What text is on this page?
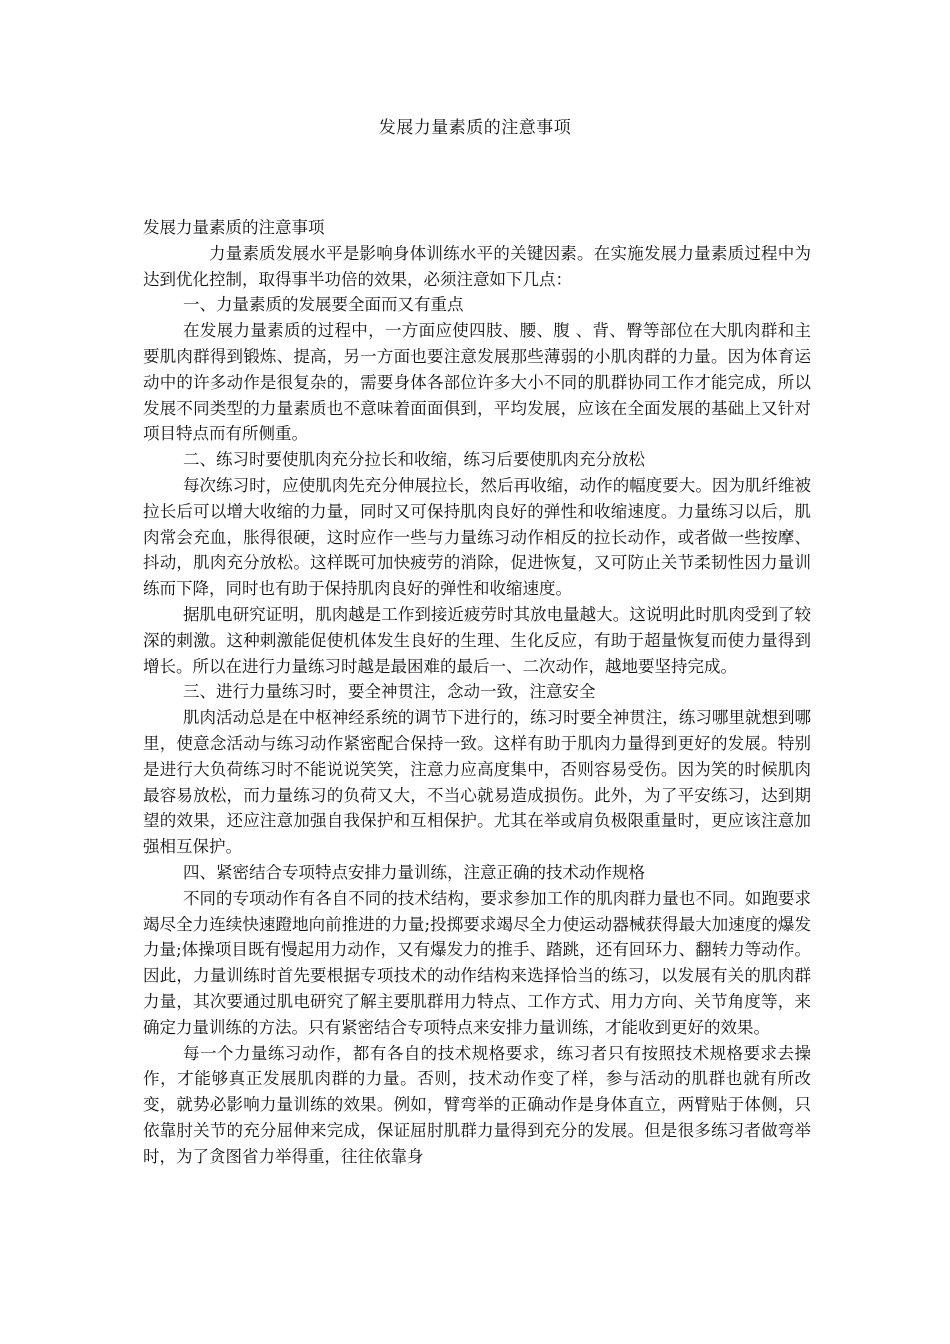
发展力量素质的注意事项

发展力量素质的注意事项

力量素质发展水平是影响身体训练水平的关键因素。在实施发展力量素质过程中为达到优化控制，取得事半功倍的效果，必须注意如下几点：

一、力量素质的发展要全面而又有重点

在发展力量素质的过程中，一方面应使四肢、腰、腹 、背、臀等部位在大肌肉群和主要肌肉群得到锻炼、提高，另一方面也要注意发展那些薄弱的小肌肉群的力量。因为体育运动中的许多动作是很复杂的，需要身体各部位许多大小不同的肌群协同工作才能完成，所以发展不同类型的力量素质也不意味着面面俱到，平均发展，应该在全面发展的基础上又针对项目特点而有所侧重。

二、练习时要使肌肉充分拉长和收缩，练习后要使肌肉充分放松

每次练习时，应使肌肉先充分伸展拉长，然后再收缩，动作的幅度要大。因为肌纤维被拉长后可以增大收缩的力量，同时又可保持肌肉良好的弹性和收缩速度。力量练习以后，肌肉常会充血，胀得很硬，这时应作一些与力量练习动作相反的拉长动作，或者做一些按摩、抖动，肌肉充分放松。这样既可加快疲劳的消除，促进恢复，又可防止关节柔韧性因力量训练而下降，同时也有助于保持肌肉良好的弹性和收缩速度。

据肌电研究证明，肌肉越是工作到接近疲劳时其放电量越大。这说明此时肌肉受到了较深的刺激。这种刺激能促使机体发生良好的生理、生化反应，有助于超量恢复而使力量得到增长。所以在进行力量练习时越是最困难的最后一、二次动作，越地要坚持完成。

三、进行力量练习时，要全神贯注，念动一致，注意安全

肌肉活动总是在中枢神经系统的调节下进行的，练习时要全神贯注，练习哪里就想到哪里，使意念活动与练习动作紧密配合保持一致。这样有助于肌肉力量得到更好的发展。特别是进行大负荷练习时不能说说笑笑，注意力应高度集中，否则容易受伤。因为笑的时候肌肉最容易放松，而力量练习的负荷又大，不当心就易造成损伤。此外，为了平安练习，达到期望的效果，还应注意加强自我保护和互相保护。尤其在举或肩负极限重量时，更应该注意加强相互保护。

四、紧密结合专项特点安排力量训练，注意正确的技术动作规格

不同的专项动作有各自不同的技术结构，要求参加工作的肌肉群力量也不同。如跑要求竭尽全力连续快速蹬地向前推进的力量;投掷要求竭尽全力使运动器械获得最大加速度的爆发力量;体操项目既有慢起用力动作，又有爆发力的推手、踏跳，还有回环力、翻转力等动作。因此，力量训练时首先要根据专项技术的动作结构来选择恰当的练习，以发展有关的肌肉群力量，其次要通过肌电研究了解主要肌群用力特点、工作方式、用力方向、关节角度等，来确定力量训练的方法。只有紧密结合专项特点来安排力量训练，才能收到更好的效果。

每一个力量练习动作，都有各自的技术规格要求，练习者只有按照技术规格要求去操作，才能够真正发展肌肉群的力量。否则，技术动作变了样，参与活动的肌群也就有所改变，就势必影响力量训练的效果。例如，臂弯举的正确动作是身体直立，两臂贴于体侧，只依靠肘关节的充分屈伸来完成，保证屈肘肌群力量得到充分的发展。但是很多练习者做弯举时，为了贪图省力举得重，往往依靠身
